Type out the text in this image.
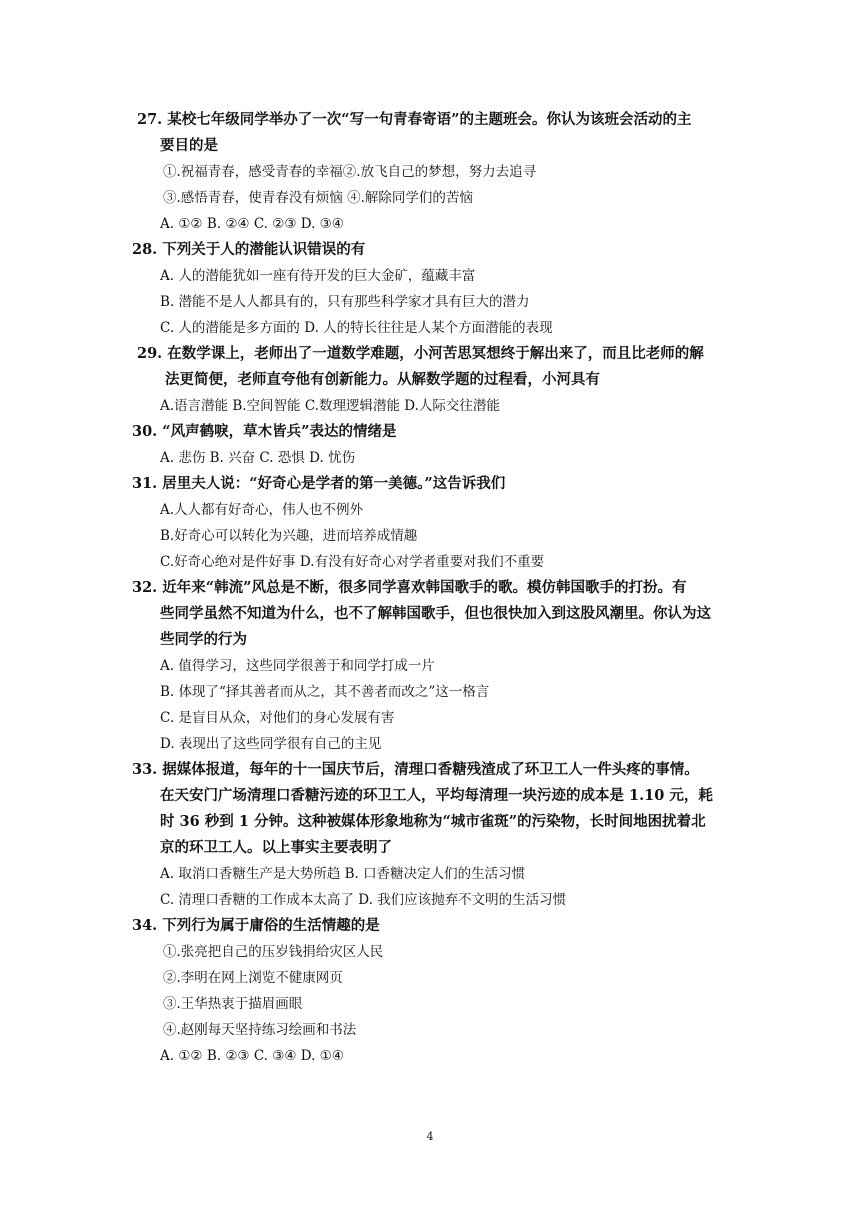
27. 某校七年级同学举办了一次“写一句青春寄语”的主题班会。你认为该班会活动的主
要目的是
①.祝福青春，感受青春的幸福②.放飞自己的梦想，努力去追寻
③.感悟青春，使青春没有烦恼 ④.解除同学们的苦恼
A. ①② B. ②④ C. ②③ D. ③④
28. 下列关于人的潜能认识错误的有
A. 人的潜能犹如一座有待开发的巨大金矿，蕴藏丰富
B. 潜能不是人人都具有的，只有那些科学家才具有巨大的潜力
C. 人的潜能是多方面的 D. 人的特长往往是人某个方面潜能的表现
29. 在数学课上，老师出了一道数学难题，小河苦思冥想终于解出来了，而且比老师的解
法更简便，老师直夸他有创新能力。从解数学题的过程看，小河具有
A.语言潜能 B.空间智能 C.数理逻辑潜能 D.人际交往潜能
30. “风声鹤唳，草木皆兵”表达的情绪是
A. 悲伤 B. 兴奋 C. 恐惧 D. 忧伤
31. 居里夫人说：“好奇心是学者的第一美德。”这告诉我们
A.人人都有好奇心，伟人也不例外
B.好奇心可以转化为兴趣，进而培养成情趣
C.好奇心绝对是件好事 D.有没有好奇心对学者重要对我们不重要
32. 近年来“韩流”风总是不断，很多同学喜欢韩国歌手的歌。模仿韩国歌手的打扮。有
些同学虽然不知道为什么，也不了解韩国歌手，但也很快加入到这股风潮里。你认为这
些同学的行为
A. 值得学习，这些同学很善于和同学打成一片
B. 体现了“择其善者而从之，其不善者而改之”这一格言
C. 是盲目从众，对他们的身心发展有害
D. 表现出了这些同学很有自己的主见
33. 据媒体报道，每年的十一国庆节后，清理口香糖残渣成了环卫工人一件头疼的事情。
在天安门广场清理口香糖污迹的环卫工人，平均每清理一块污迹的成本是 1.10 元，耗
时 36 秒到 1 分钟。这种被媒体形象地称为“城市雀斑”的污染物，长时间地困扰着北
京的环卫工人。以上事实主要表明了
A. 取消口香糖生产是大势所趋 B. 口香糖决定人们的生活习惯
C. 清理口香糖的工作成本太高了 D. 我们应该抛弃不文明的生活习惯
34. 下列行为属于庸俗的生活情趣的是
①.张亮把自己的压岁钱捐给灾区人民
②.李明在网上浏览不健康网页
③.王华热衷于描眉画眼
④.赵刚每天坚持练习绘画和书法
A. ①② B. ②③ C. ③④ D. ①④
4
